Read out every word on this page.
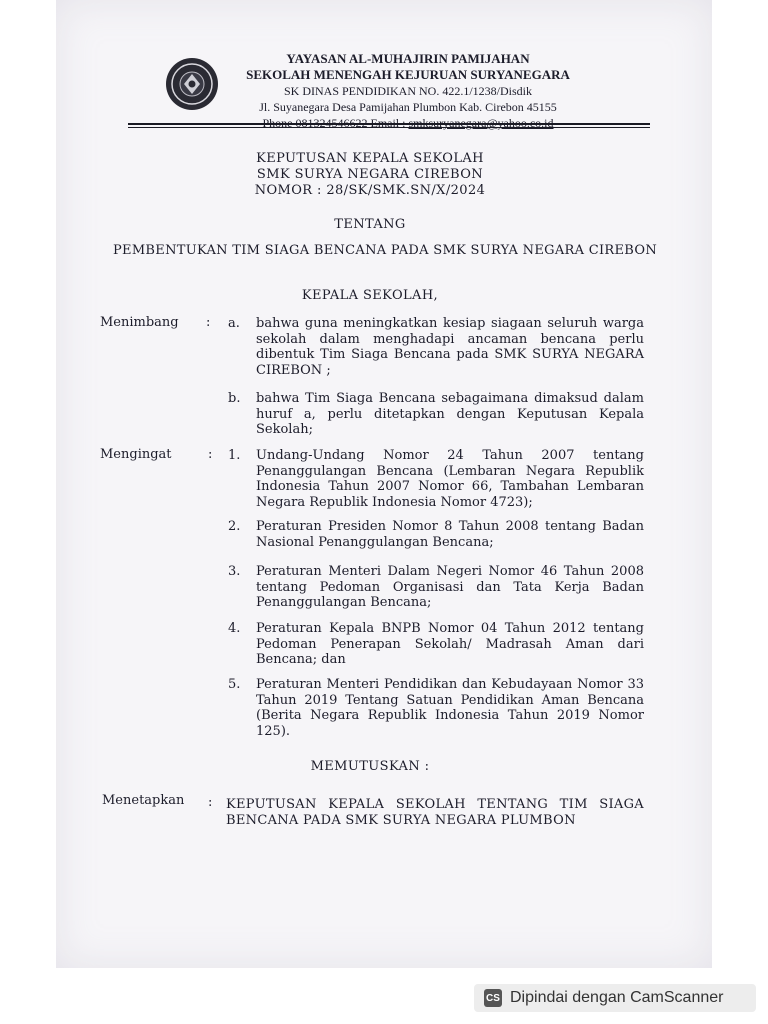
YAYASAN AL-MUHAJIRIN PAMIJAHAN
SEKOLAH MENENGAH KEJURUAN SURYANEGARA
SK DINAS PENDIDIKAN NO. 422.1/1238/Disdik
Jl. Suyanegara Desa Pamijahan Plumbon Kab. Cirebon 45155
KEPUTUSAN KEPALA SEKOLAH
SMK SURYA NEGARA CIREBON
NOMOR : 28/SK/SMK.SN/X/2024
TENTANG
PEMBENTUKAN TIM SIAGA BENCANA PADA SMK SURYA NEGARA CIREBON
KEPALA SEKOLAH,
Menimbang : a. bahwa guna meningkatkan kesiap siagaan seluruh warga sekolah dalam menghadapi ancaman bencana perlu dibentuk Tim Siaga Bencana pada SMK SURYA NEGARA CIREBON ;
b. bahwa Tim Siaga Bencana sebagaimana dimaksud dalam huruf a, perlu ditetapkan dengan Keputusan Kepala Sekolah;
Mengingat	: 1. Undang-Undang Nomor 24 Tahun 2007 tentang Penanggulangan Bencana (Lembaran Negara Republik Indonesia Tahun 2007 Nomor 66, Tambahan Lembaran Negara Republik Indonesia Nomor 4723);
2. Peraturan Presiden Nomor 8 Tahun 2008 tentang Badan Nasional Penanggulangan Bencana;
3. Peraturan Menteri Dalam Negeri Nomor 46 Tahun 2008 tentang Pedoman Organisasi dan Tata Kerja Badan Penanggulangan Bencana;
4. Peraturan Kepala BNPB Nomor 04 Tahun 2012 tentang Pedoman Penerapan Sekolah/ Madrasah Aman dari Bencana; dan
5. Peraturan Menteri Pendidikan dan Kebudayaan Nomor 33 Tahun 2019 Tentang Satuan Pendidikan Aman Bencana (Berita Negara Republik Indonesia Tahun 2019 Nomor 125).
MEMUTUSKAN :
Menetapkan : KEPUTUSAN KEPALA SEKOLAH TENTANG TIM SIAGA BENCANA PADA SMK SURYA NEGARA PLUMBON
CS Dipindai dengan CamScanner
